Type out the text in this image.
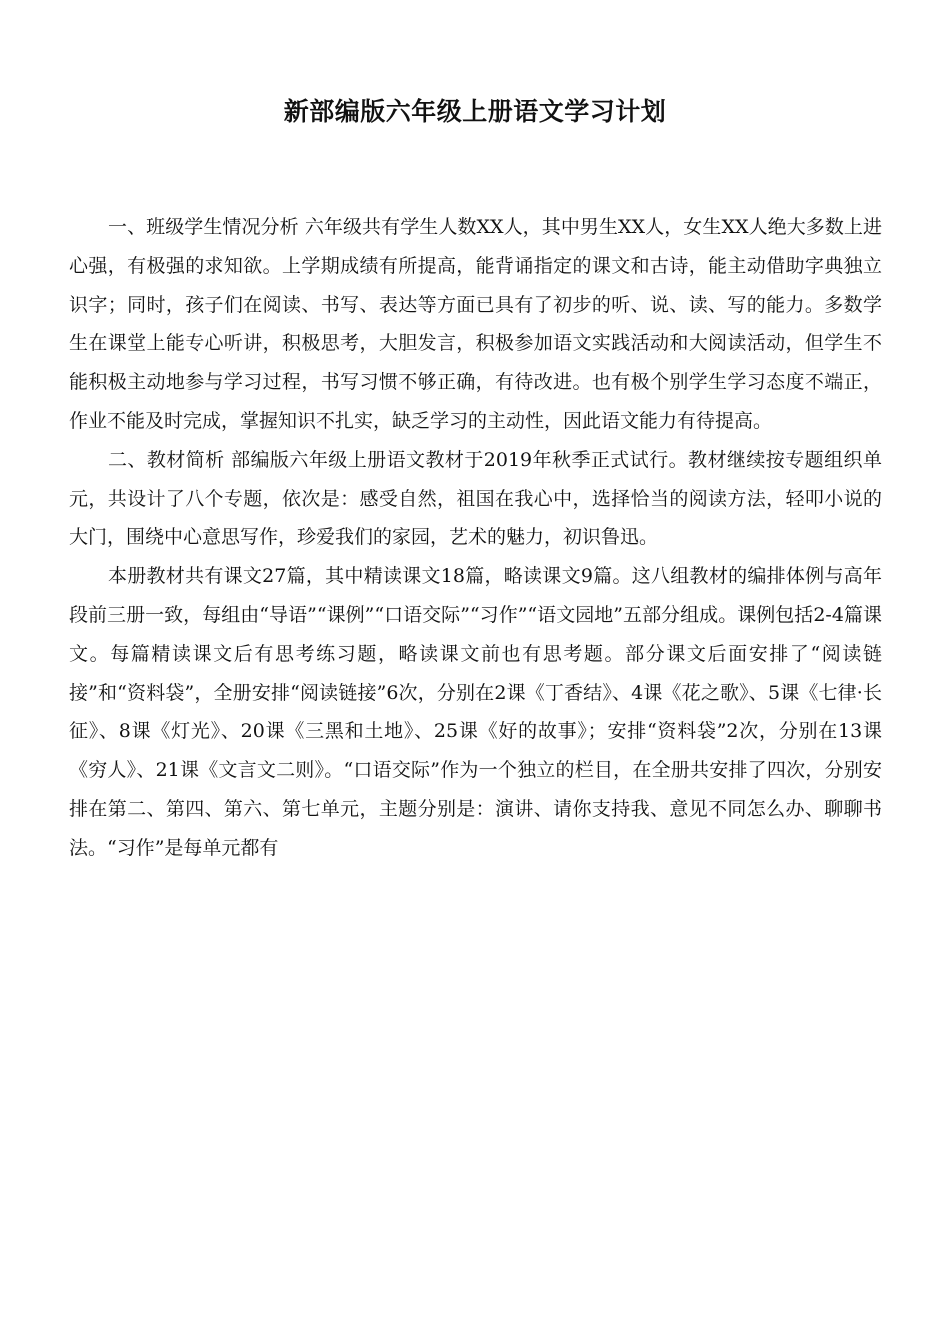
新部编版六年级上册语文学习计划

一、班级学生情况分析 六年级共有学生人数XX人，其中男生XX人，女生XX人绝大多数上进心强，有极强的求知欲。上学期成绩有所提高，能背诵指定的课文和古诗，能主动借助字典独立识字；同时，孩子们在阅读、书写、表达等方面已具有了初步的听、说、读、写的能力。多数学生在课堂上能专心听讲，积极思考，大胆发言，积极参加语文实践活动和大阅读活动，但学生不能积极主动地参与学习过程，书写习惯不够正确，有待改进。也有极个别学生学习态度不端正，作业不能及时完成，掌握知识不扎实，缺乏学习的主动性，因此语文能力有待提高。

二、教材简析 部编版六年级上册语文教材于2019年秋季正式试行。教材继续按专题组织单元，共设计了八个专题，依次是：感受自然，祖国在我心中，选择恰当的阅读方法，轻叩小说的大门，围绕中心意思写作，珍爱我们的家园，艺术的魅力，初识鲁迅。

本册教材共有课文27篇，其中精读课文18篇，略读课文9篇。这八组教材的编排体例与高年段前三册一致，每组由“导语”“课例”“口语交际”“习作”“语文园地”五部分组成。课例包括2-4篇课文。每篇精读课文后有思考练习题，略读课文前也有思考题。部分课文后面安排了“阅读链接”和“资料袋”，全册安排“阅读链接”6次，分别在2课《丁香结》、4课《花之歌》、5课《七律·长征》、8课《灯光》、20课《三黑和土地》、25课《好的故事》；安排“资料袋”2次，分别在13课《穷人》、21课《文言文二则》。“口语交际”作为一个独立的栏目，在全册共安排了四次，分别安排在第二、第四、第六、第七单元，主题分别是：演讲、请你支持我、意见不同怎么办、聊聊书法。“习作”是每单元都有
